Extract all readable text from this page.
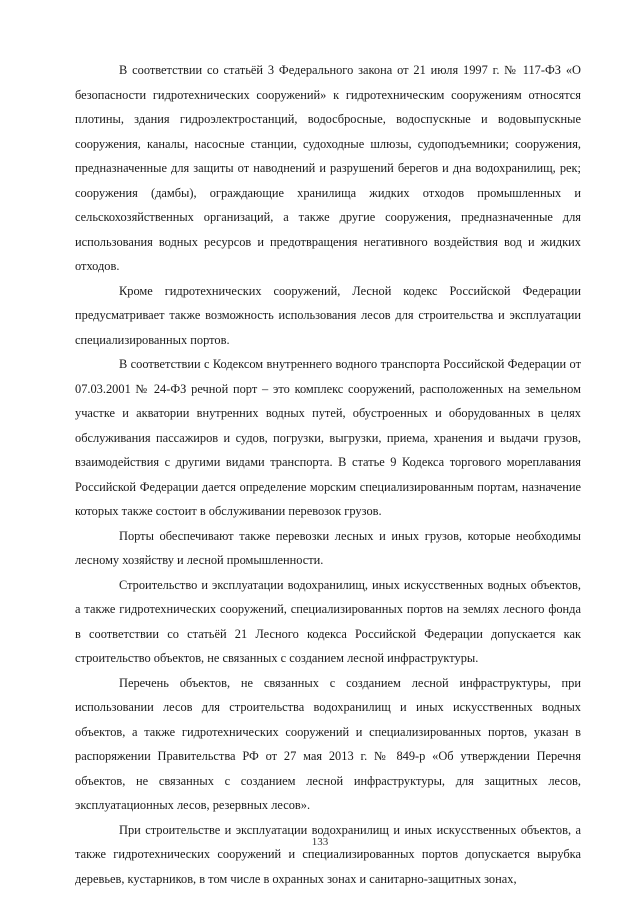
В соответствии со статьёй 3 Федерального закона от 21 июля 1997 г. № 117-ФЗ «О безопасности гидротехнических сооружений» к гидротехническим сооружениям относятся плотины, здания гидроэлектростанций, водосбросные, водоспускные и водовыпускные сооружения, каналы, насосные станции, судоходные шлюзы, судоподъемники; сооружения, предназначенные для защиты от наводнений и разрушений берегов и дна водохранилищ, рек; сооружения (дамбы), ограждающие хранилища жидких отходов промышленных и сельскохозяйственных организаций, а также другие сооружения, предназначенные для использования водных ресурсов и предотвращения негативного воздействия вод и жидких отходов.

Кроме гидротехнических сооружений, Лесной кодекс Российской Федерации предусматривает также возможность использования лесов для строительства и эксплуатации специализированных портов.

В соответствии с Кодексом внутреннего водного транспорта Российской Федерации от 07.03.2001 № 24-ФЗ речной порт – это комплекс сооружений, расположенных на земельном участке и акватории внутренних водных путей, обустроенных и оборудованных в целях обслуживания пассажиров и судов, погрузки, выгрузки, приема, хранения и выдачи грузов, взаимодействия с другими видами транспорта. В статье 9 Кодекса торгового мореплавания Российской Федерации дается определение морским специализированным портам, назначение которых также состоит в обслуживании перевозок грузов.

Порты обеспечивают также перевозки лесных и иных грузов, которые необходимы лесному хозяйству и лесной промышленности.

Строительство и эксплуатации водохранилищ, иных искусственных водных объектов, а также гидротехнических сооружений, специализированных портов на землях лесного фонда в соответствии со статьёй 21 Лесного кодекса Российской Федерации допускается как строительство объектов, не связанных с созданием лесной инфраструктуры.

Перечень объектов, не связанных с созданием лесной инфраструктуры, при использовании лесов для строительства водохранилищ и иных искусственных водных объектов, а также гидротехнических сооружений и специализированных портов, указан в распоряжении Правительства РФ от 27 мая 2013 г. № 849-р «Об утверждении Перечня объектов, не связанных с созданием лесной инфраструктуры, для защитных лесов, эксплуатационных лесов, резервных лесов».

При строительстве и эксплуатации водохранилищ и иных искусственных объектов, а также гидротехнических сооружений и специализированных портов допускается вырубка деревьев, кустарников, в том числе в охранных зонах и санитарно-защитных зонах,

133
